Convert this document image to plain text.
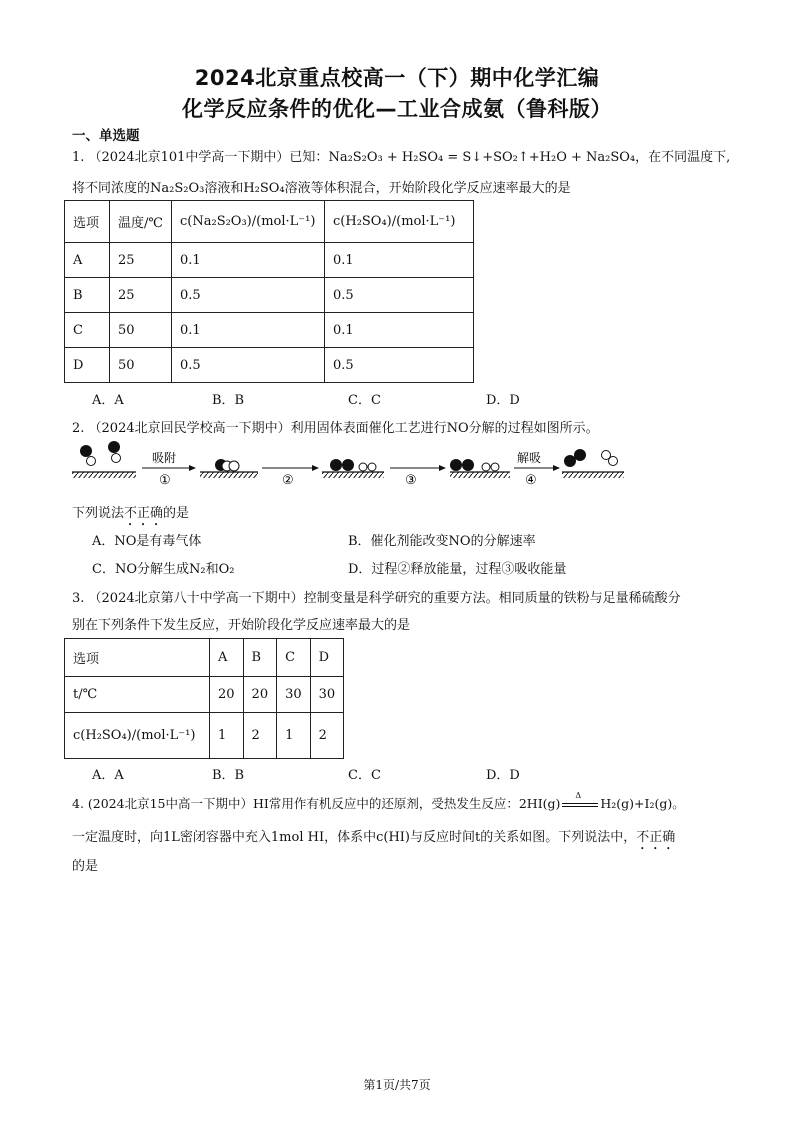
2024北京重点校高一（下）期中化学汇编
化学反应条件的优化—工业合成氨（鲁科版）
一、单选题
1. （2024北京101中学高一下期中）已知：Na₂S₂O₃ + H₂SO₄ = S↓+SO₂↑+H₂O + Na₂SO₄，在不同温度下,
将不同浓度的Na₂S₂O₃溶液和H₂SO₄溶液等体积混合，开始阶段化学反应速率最大的是
选项	温度/℃	c(Na₂S₂O₃)/(mol·L⁻¹)	c(H₂SO₄)/(mol·L⁻¹)
A	25	0.1	0.1
B	25	0.5	0.5
C	50	0.1	0.1
D	50	0.5	0.5
A．A	B．B	C．C	D．D
2. （2024北京回民学校高一下期中）利用固体表面催化工艺进行NO分解的过程如图所示。
吸附
①	②	③
解吸
④
下列说法不正确的是
A．NO是有毒气体	B．催化剂能改变NO的分解速率
C．NO分解生成N₂和O₂	D．过程②释放能量，过程③吸收能量
3. （2024北京第八十中学高一下期中）控制变量是科学研究的重要方法。相同质量的铁粉与足量稀硫酸分
别在下列条件下发生反应，开始阶段化学反应速率最大的是
选项	A	B	C	D
t/℃	20	20	30	30
c(H₂SO₄)/(mol·L⁻¹)	1	2	1	2
A．A	B．B	C．C	D．D
4. (2024北京15中高一下期中）HI常用作有机反应中的还原剂，受热发生反应：2HI(g)
Δ
H₂(g)+I₂(g)。
一定温度时，向1L密闭容器中充入1mol HI，体系中c(HI)与反应时间t的关系如图。下列说法中，不正确
的是
第1页/共7页
